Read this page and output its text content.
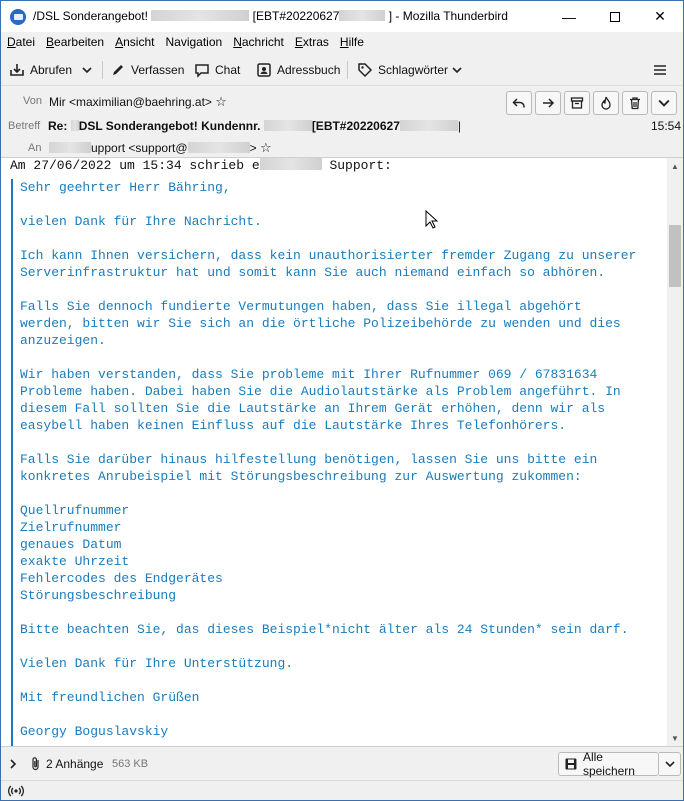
/DSL Sonderangebot!	[EBT#20220627	] - Mozilla Thunderbird	—	✕
Datei Bearbeiten Ansicht Navigation Nachricht Extras Hilfe
Abrufen	Verfassen	Chat	Adressbuch	Schlagwörter
Von Mir <maximilian@baehring.at> ☆
Betreff Re: DSL Sonderangebot! Kundennr.	[EBT#20220627	|	15:54
An	upport <support@	> ☆
Am 27/06/2022 um 15:34 schrieb e	Support:
Sehr geehrter Herr Bähring,
vielen Dank für Ihre Nachricht.
Ich kann Ihnen versichern, dass kein unauthorisierter fremder Zugang zu unserer
Serverinfrastruktur hat und somit kann Sie auch niemand einfach so abhören.
Falls Sie dennoch fundierte Vermutungen haben, dass Sie illegal abgehört
werden, bitten wir Sie sich an die örtliche Polizeibehörde zu wenden und dies
anzuzeigen.
Wir haben verstanden, dass Sie probleme mit Ihrer Rufnummer 069 / 67831634
Probleme haben. Dabei haben Sie die Audiolautstärke als Problem angeführt. In
diesem Fall sollten Sie die Lautstärke an Ihrem Gerät erhöhen, denn wir als
easybell haben keinen Einfluss auf die Lautstärke Ihres Telefonhörers.
Falls Sie darüber hinaus hilfestellung benötigen, lassen Sie uns bitte ein
konkretes Anrubeispiel mit Störungsbeschreibung zur Auswertung zukommen:
Quellrufnummer
Zielrufnummer
genaues Datum
exakte Uhrzeit
Fehlercodes des Endgerätes
Störungsbeschreibung
Bitte beachten Sie, das dieses Beispiel*nicht älter als 24 Stunden* sein darf.
Vielen Dank für Ihre Unterstützung.
Mit freundlichen Grüßen
Georgy Boguslavskiy
▲
▼
2 Anhänge 563 KB	Alle speichern
